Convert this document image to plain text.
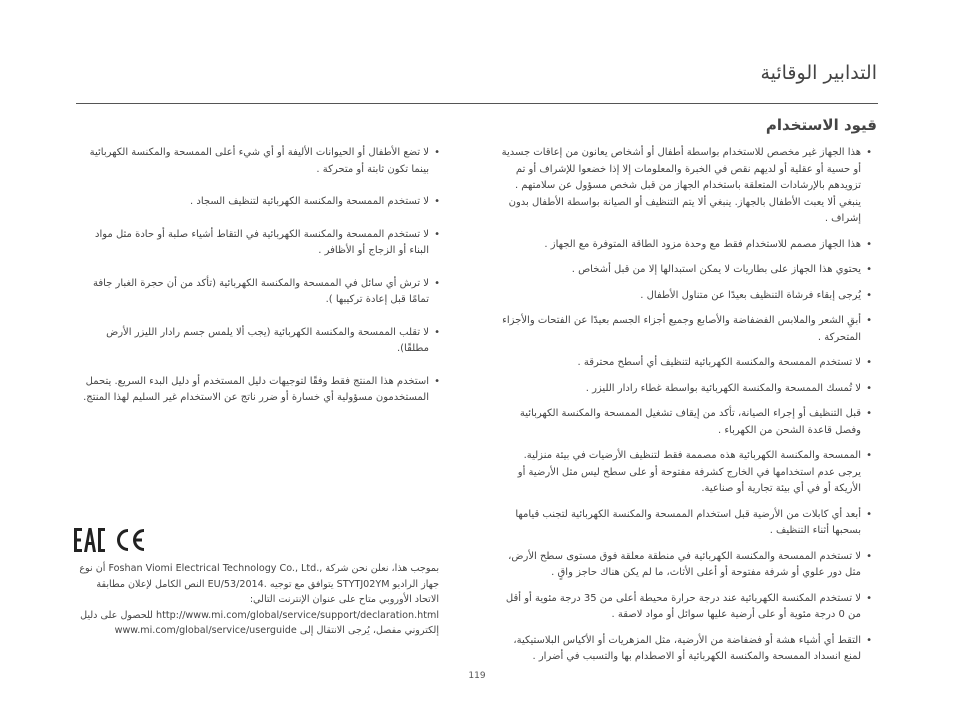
التدابير الوقائية
قيود الاستخدام
• هذا الجهاز غير مخصص للاستخدام بواسطة أطفال أو أشخاص يعانون من إعاقات جسدية أو حسية أو عقلية أو لديهم نقص في الخبرة والمعلومات إلا إذا خضعوا للإشراف أو تم تزويدهم بالإرشادات المتعلقة باستخدام الجهاز من قبل شخص مسؤول عن سلامتهم . ينبغي ألا يعبث الأطفال بالجهاز. ينبغي ألا يتم التنظيف أو الصيانة بواسطة الأطفال بدون إشراف .
• هذا الجهاز مصمم للاستخدام فقط مع وحدة مزود الطاقة المتوفرة مع الجهاز .
• يحتوي هذا الجهاز على بطاريات لا يمكن استبدالها إلا من قبل أشخاص .
• يُرجى إبقاء فرشاة التنظيف بعيدًا عن متناول الأطفال .
• أبقِ الشعر والملابس الفضفاضة والأصابع وجميع أجزاء الجسم بعيدًا عن الفتحات والأجزاء المتحركة .
• لا تستخدم الممسحة والمكنسة الكهربائية لتنظيف أي أسطح محترقة .
• لا تُمسك الممسحة والمكنسة الكهربائية بواسطة غطاء رادار الليزر .
• قبل التنظيف أو إجراء الصيانة، تأكد من إيقاف تشغيل الممسحة والمكنسة الكهربائية وفصل قاعدة الشحن من الكهرباء .
• الممسحة والمكنسة الكهربائية هذه مصممة فقط لتنظيف الأرضيات في بيئة منزلية. يرجى عدم استخدامها في الخارج كشرفة مفتوحة أو على سطح ليس مثل الأرضية أو الأريكة أو في أي بيئة تجارية أو صناعية.
• أبعد أي كابلات من الأرضية قبل استخدام الممسحة والمكنسة الكهربائية لتجنب قيامها بسحبها أثناء التنظيف .
• لا تستخدم الممسحة والمكنسة الكهربائية في منطقة معلقة فوق مستوى سطح الأرض، مثل دور علوي أو شرفة مفتوحة أو أعلى الأثاث، ما لم يكن هناك حاجز واقٍ .
• لا تستخدم المكنسة الكهربائية عند درجة حرارة محيطة أعلى من 35 درجة مئوية أو أقل من 0 درجة مئوية أو على أرضية عليها سوائل أو مواد لاصقة .
• التقط أي أشياء هشة أو فضفاضة من الأرضية، مثل المزهريات أو الأكياس البلاستيكية، لمنع انسداد الممسحة والمكنسة الكهربائية أو الاصطدام بها والتسبب في أضرار .
• لا تضع الأطفال أو الحيوانات الأليفة أو أي شيء أعلى الممسحة والمكنسة الكهربائية بينما تكون ثابتة أو متحركة .
• لا تستخدم الممسحة والمكنسة الكهربائية لتنظيف السجاد .
• لا تستخدم الممسحة والمكنسة الكهربائية في التقاط أشياء صلبة أو حادة مثل مواد البناء أو الزجاج أو الأظافر .
• لا ترش أي سائل في الممسحة والمكنسة الكهربائية (تأكد من أن حجرة الغبار جافة تمامًا قبل إعادة تركيبها ).
• لا تقلب الممسحة والمكنسة الكهربائية (يجب ألا يلمس جسم رادار الليزر الأرض مطلقًا).
• استخدم هذا المنتج فقط وفقًا لتوجيهات دليل المستخدم أو دليل البدء السريع. يتحمل المستخدمون مسؤولية أي خسارة أو ضرر ناتج عن الاستخدام غير السليم لهذا المنتج.

بموجب هذا، نعلن نحن شركة Foshan Viomi Electrical Technology Co., Ltd., أن نوع جهاز الراديو STYTJ02YM يتوافق مع توجيه EU/53/2014. النص الكامل لإعلان مطابقة الاتحاد الأوروبي متاح على عنوان الإنترنت التالي: http://www.mi.com/global/service/support/declaration.html للحصول على دليل إلكتروني مفصل، يُرجى الانتقال إلى www.mi.com/global/service/userguide

119
